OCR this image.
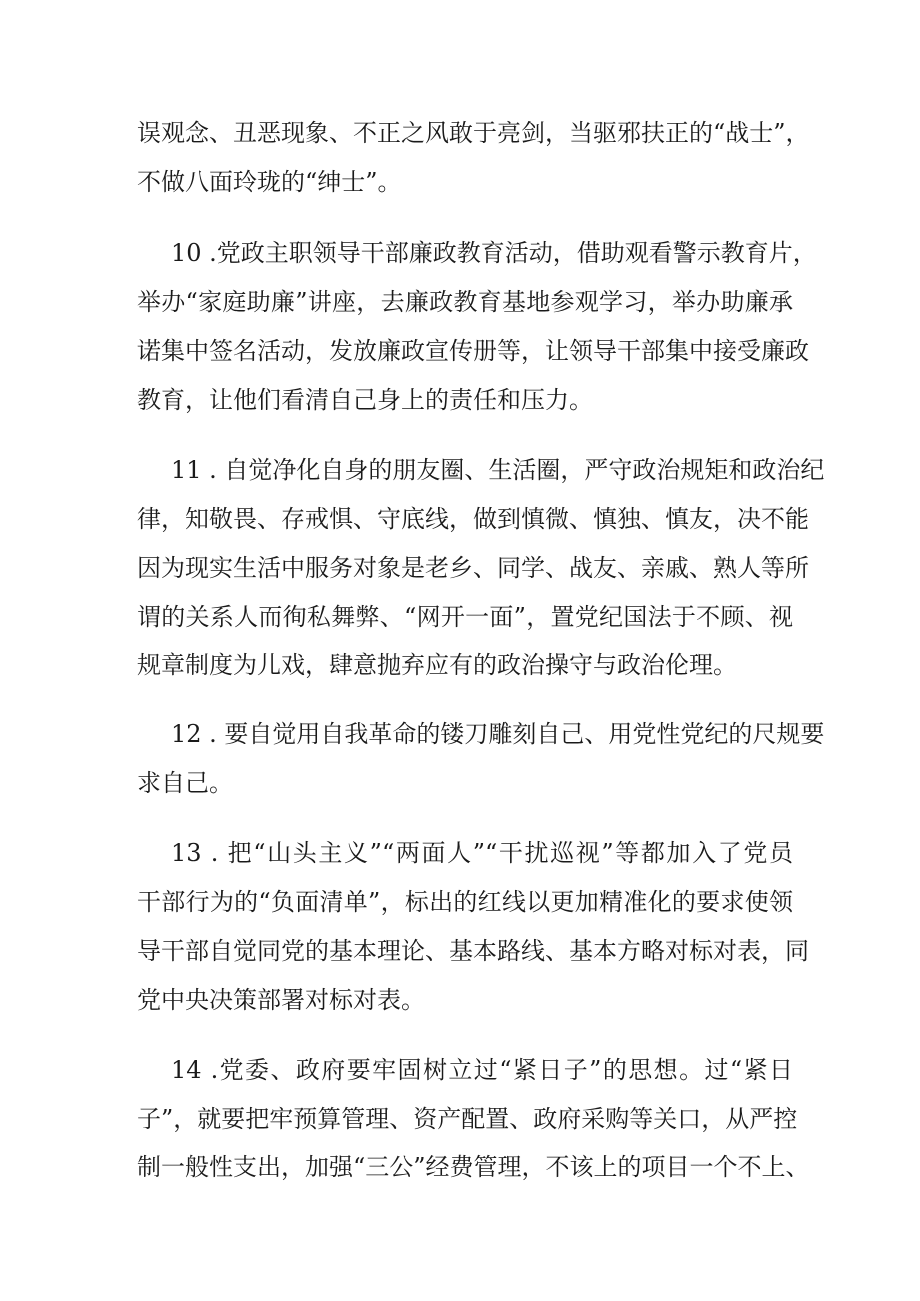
误观念、丑恶现象、不正之风敢于亮剑，当驱邪扶正的“战士”，
不做八面玲珑的“绅士”。
10 .党政主职领导干部廉政教育活动，借助观看警示教育片，
举办“家庭助廉”讲座，去廉政教育基地参观学习，举办助廉承
诺集中签名活动，发放廉政宣传册等，让领导干部集中接受廉政
教育，让他们看清自己身上的责任和压力。
11 . 自觉净化自身的朋友圈、生活圈，严守政治规矩和政治纪
律，知敬畏、存戒惧、守底线，做到慎微、慎独、慎友，决不能
因为现实生活中服务对象是老乡、同学、战友、亲戚、熟人等所
谓的关系人而徇私舞弊、“网开一面”，置党纪国法于不顾、视
规章制度为儿戏，肆意抛弃应有的政治操守与政治伦理。
12 . 要自觉用自我革命的镂刀雕刻自己、用党性党纪的尺规要
求自己。
13 . 把“山头主义”“两面人”“干扰巡视”等都加入了党员
干部行为的“负面清单”，标出的红线以更加精准化的要求使领
导干部自觉同党的基本理论、基本路线、基本方略对标对表，同
党中央决策部署对标对表。
14 .党委、政府要牢固树立过“紧日子”的思想。过“紧日
子”，就要把牢预算管理、资产配置、政府采购等关口，从严控
制一般性支出，加强“三公”经费管理，不该上的项目一个不上、
